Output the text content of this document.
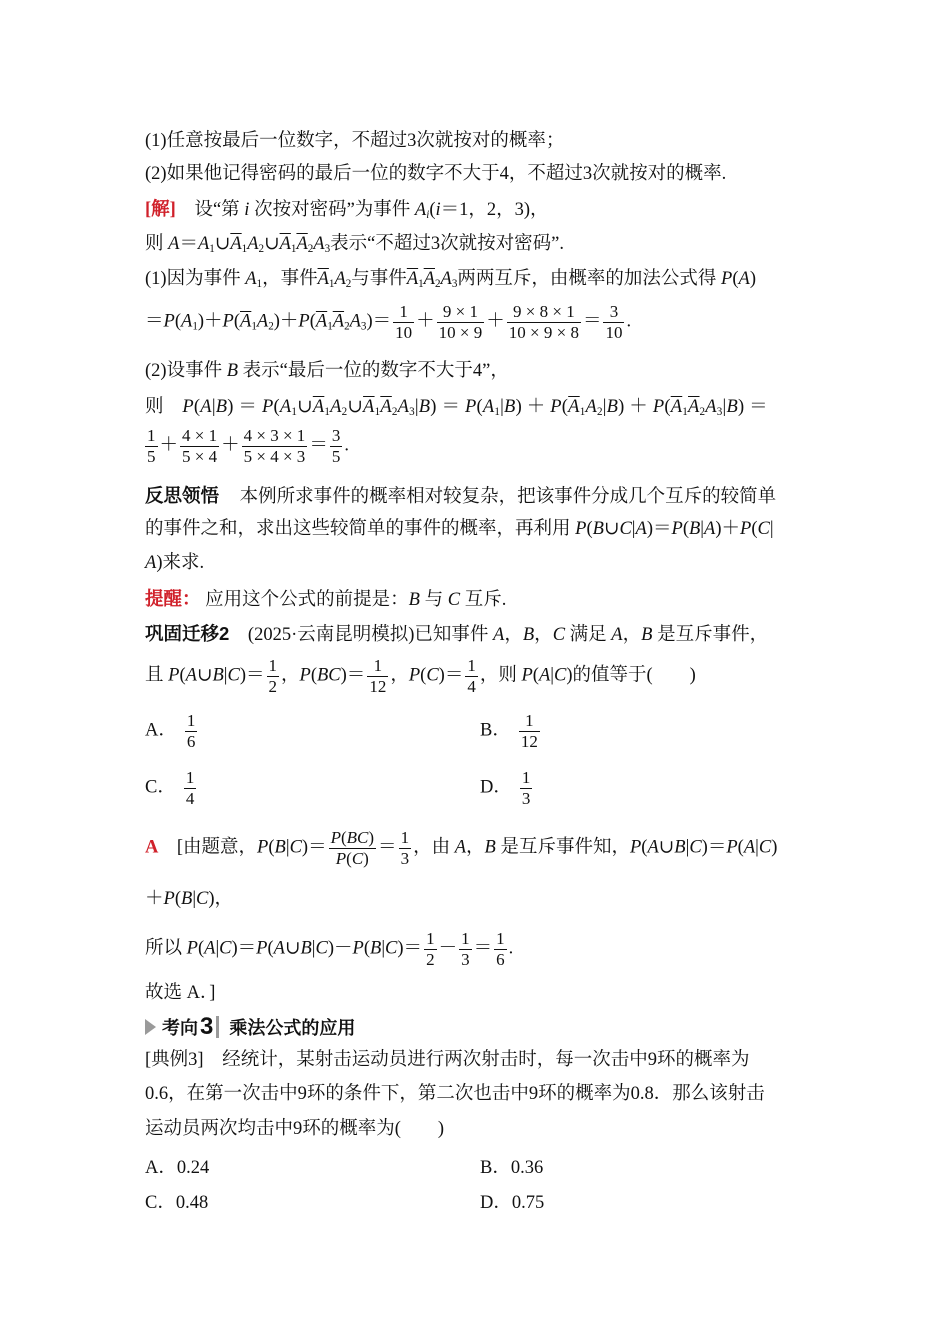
(1)任意按最后一位数字，不超过3次就按对的概率；
(2)如果他记得密码的最后一位的数字不大于4，不超过3次就按对的概率.
[解] 设“第 i 次按对密码”为事件 $A_i(i=1$，2，3)，
则 $A=A_1\cup\overline{A}_1A_2\cup\overline{A}_1\overline{A}_2A_3$表示“不超过3次就按对密码”.
(1)因为事件 $A_1$，事件$\overline{A}_1A_2$与事件$\overline{A}_1\overline{A}_2A_3$两两互斥，由概率的加法公式得 P(A)
$=P(A_1)+P(\overline{A}_1A_2)+P(\overline{A}_1\overline{A}_2A_3)= \frac{1}{10} + \frac{9 \times 1}{10 \times 9} + \frac{9 \times 8 \times 1}{10 \times 9 \times 8} = \frac{3}{10}$ .
(2)设事件 B 表示“最后一位的数字不大于4”，
则　$P(A|B) = P(A_1\cup\overline{A}_1A_2\cup\overline{A}_1\overline{A}_2A_3|B) = P(A_1|B) + P(\overline{A}_1A_2|B) + P(\overline{A}_1\overline{A}_2A_3|B)$ ＝
$\frac{1}{5} + \frac{4 \times 1}{5 \times 4} + \frac{4 \times 3 \times 1}{5 \times 4 \times 3} = \frac{3}{5}$ .
反思领悟 本例所求事件的概率相对较复杂，把该事件分成几个互斥的较简单
的事件之和，求出这些较简单的事件的概率，再利用 P(B∪C|A)＝P(B|A)＋P(C|
A)来求.
提醒： 应用这个公式的前提是：B 与 C 互斥.
巩固迁移2 (2025·云南昆明模拟)已知事件 A，B，C 满足 A，B 是互斥事件，
且 P(A∪B|C)＝ $\frac{1}{2}$ ，$P(BC)= \frac{1}{12}$ ，$P(C)= \frac{1}{4}$ ，则 P(A|C)的值等于(　　)
A． $\frac{1}{6}$	B． $\frac{1}{12}$
C． $\frac{1}{4}$	D． $\frac{1}{3}$
A　[由题意，$P(B|C)= \frac{P(BC)}{P(C)} = \frac{1}{3}$ ，由 A，B 是互斥事件知，P(A∪B|C)＝P(A|C)
＋P(B|C)，
所以 P(A|C)＝P(A∪B|C)－P(B|C)＝ $\frac{1}{2} - \frac{1}{3} = \frac{1}{6}$ .
故选 A．]
考向3 乘法公式的应用
[典例3] 经统计，某射击运动员进行两次射击时，每一次击中9环的概率为
0.6，在第一次击中9环的条件下，第二次也击中9环的概率为0.8．那么该射击
运动员两次均击中9环的概率为(　　)
A．0.24	B．0.36
C．0.48	D．0.75
